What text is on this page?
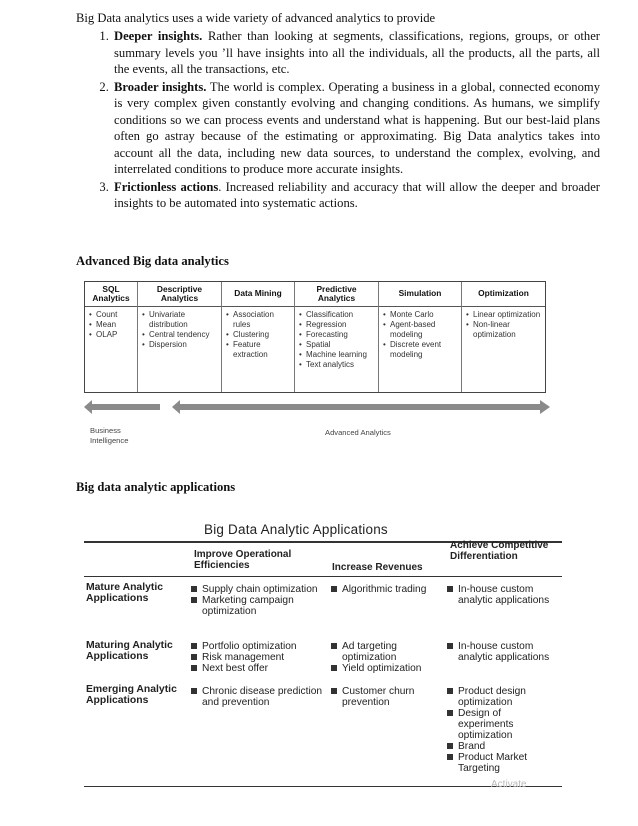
Big Data analytics uses a wide variety of advanced analytics to provide
1. Deeper insights. Rather than looking at segments, classifications, regions, groups, or other summary levels you ’ll have insights into all the individuals, all the products, all the parts, all the events, all the transactions, etc.
2. Broader insights. The world is complex. Operating a business in a global, connected economy is very complex given constantly evolving and changing conditions. As humans, we simplify conditions so we can process events and understand what is happening. But our best-laid plans often go astray because of the estimating or approximating. Big Data analytics takes into account all the data, including new data sources, to understand the complex, evolving, and interrelated conditions to produce more accurate insights.
3. Frictionless actions. Increased reliability and accuracy that will allow the deeper and broader insights to be automated into systematic actions.
Advanced Big data analytics
SQL Analytics
• Count
• Mean
• OLAP
Descriptive Analytics
• Univariate distribution
• Central tendency
• Dispersion
Data Mining
• Association rules
• Clustering
• Feature extraction
Predictive Analytics
• Classification
• Regression
• Forecasting
• Spatial
• Machine learning
• Text analytics
Simulation
• Monte Carlo
• Agent-based modeling
• Discrete event modeling
Optimization
• Linear optimization
• Non-linear optimization
Business Intelligence
Advanced Analytics
Big data analytic applications
Big Data Analytic Applications
Improve Operational Efficiencies	Increase Revenues
Achieve Competitive Differentiation
Mature Analytic Applications
Supply chain optimization
Marketing campaign optimization
Algorithmic trading	In-house custom analytic applications
Maturing Analytic Applications
Portfolio optimization
Risk management
Next best offer
Ad targeting optimization
Yield optimization
In-house custom analytic applications
Emerging Analytic Applications
Chronic disease prediction and prevention
Customer churn prevention
Product design optimization
Design of experiments optimization
Brand
Product Market Targeting
Activate
